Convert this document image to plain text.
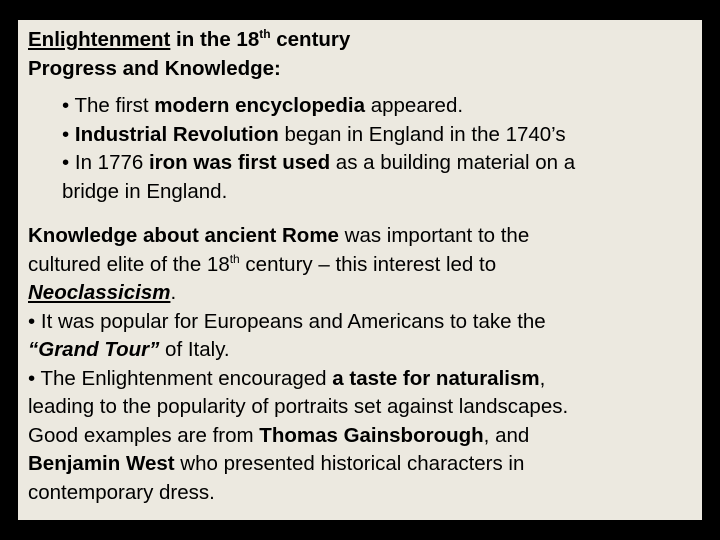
Enlightenment in the 18th century
Progress and Knowledge:
• The first modern encyclopedia appeared.
• Industrial Revolution began in England in the 1740’s
• In 1776 iron was first used as a building material on a
bridge in England.
Knowledge about ancient Rome was important to the
cultured elite of the 18th century – this interest led to
Neoclassicism.
• It was popular for Europeans and Americans to take the
“Grand Tour” of Italy.
• The Enlightenment encouraged a taste for naturalism,
leading to the popularity of portraits set against landscapes.
Good examples are from Thomas Gainsborough, and
Benjamin West who presented historical characters in
contemporary dress.
